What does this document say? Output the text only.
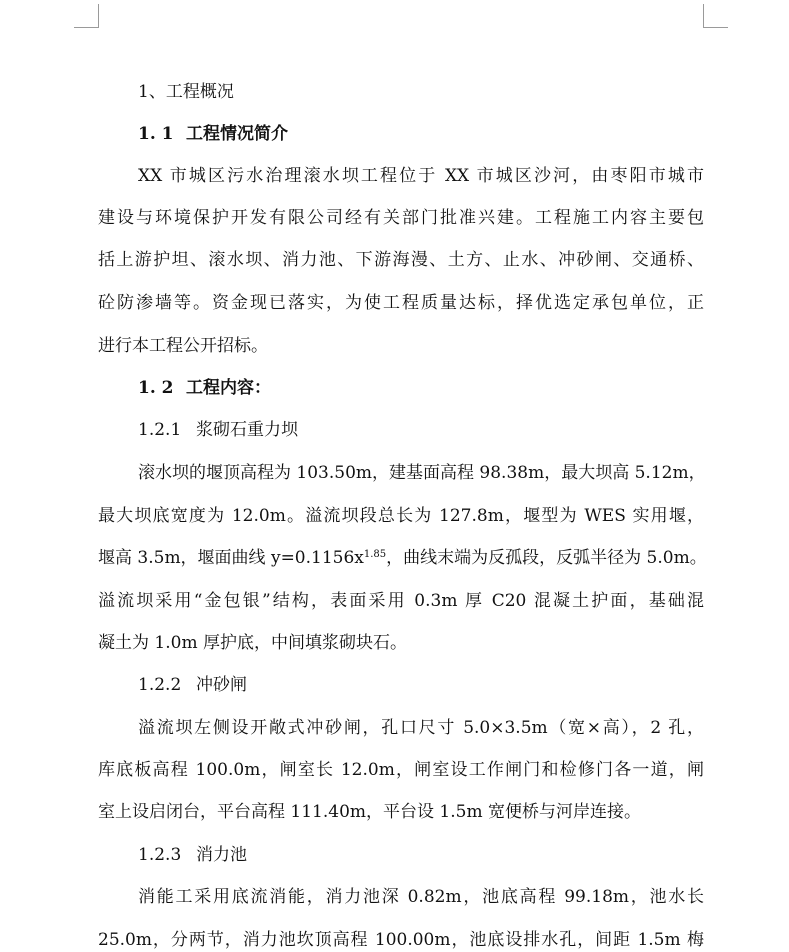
1、工程概况
1. 1 工程情况简介
XX 市城区污水治理滚水坝工程位于 XX 市城区沙河，由枣阳市城市
建设与环境保护开发有限公司经有关部门批准兴建。工程施工内容主要包
括上游护坦、滚水坝、消力池、下游海漫、土方、止水、冲砂闸、交通桥、
砼防渗墙等。资金现已落实，为使工程质量达标，择优选定承包单位，正
进行本工程公开招标。
1. 2 工程内容：
1.2.1 浆砌石重力坝
滚水坝的堰顶高程为 103.50m，建基面高程 98.38m，最大坝高 5.12m，
最大坝底宽度为 12.0m。溢流坝段总长为 127.8m，堰型为 WES 实用堰，
堰高 3.5m，堰面曲线 $y=0.1156x^{1.85}$，曲线末端为反孤段，反弧半径为 5.0m。
溢流坝采用“金包银”结构，表面采用 0.3m 厚 C20 混凝土护面，基础混
凝土为 1.0m 厚护底，中间填浆砌块石。
1.2.2 冲砂闸
溢流坝左侧设开敞式冲砂闸，孔口尺寸 5.0×3.5m（宽×高），2 孔，
库底板高程 100.0m，闸室长 12.0m，闸室设工作闸门和检修门各一道，闸
室上设启闭台，平台高程 111.40m，平台设 1.5m 宽便桥与河岸连接。
1.2.3 消力池
消能工采用底流消能，消力池深 0.82m，池底高程 99.18m，池水长
25.0m，分两节，消力池坎顶高程 100.00m，池底设排水孔，间距 1.5m 梅
